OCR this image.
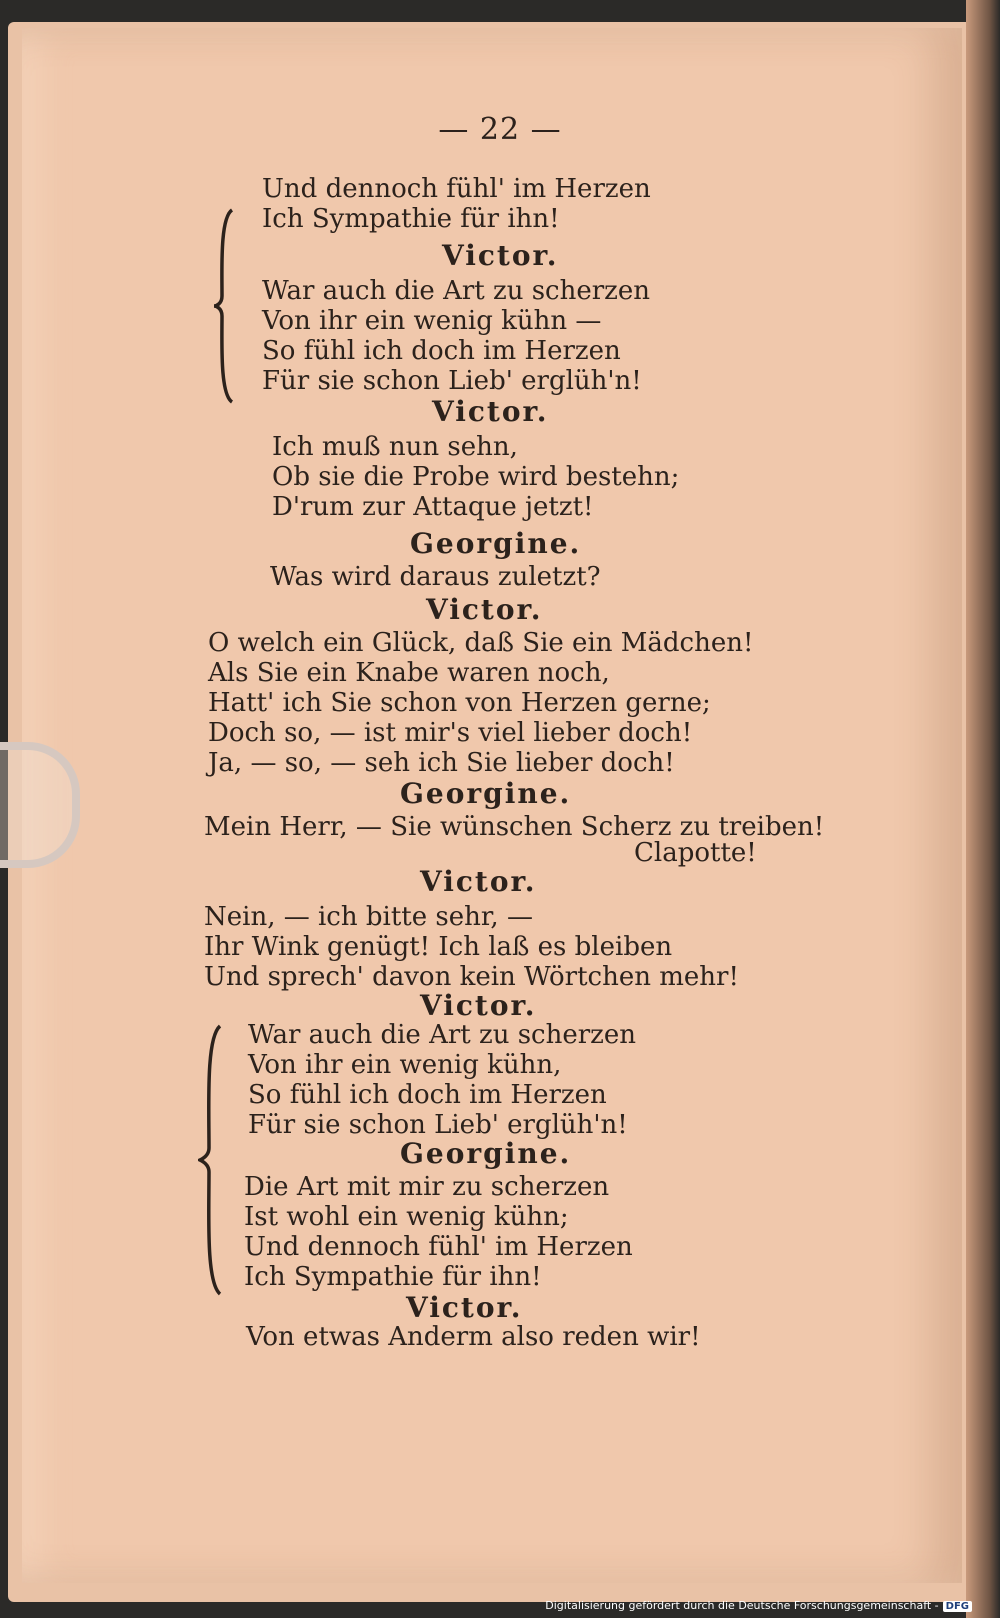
— 22 —
Und dennoch fühl' im Herzen
Ich Sympathie für ihn!
Victor.
War auch die Art zu scherzen
Von ihr ein wenig kühn —
So fühl ich doch im Herzen
Für sie schon Lieb' erglüh'n!
Victor.
Ich muß nun sehn,
Ob sie die Probe wird bestehn;
D'rum zur Attaque jetzt!
Georgine.
Was wird daraus zuletzt?
Victor.
O welch ein Glück, daß Sie ein Mädchen!
Als Sie ein Knabe waren noch,
Hatt' ich Sie schon von Herzen gerne;
Doch so, — ist mir's viel lieber doch!
Ja, — so, — seh ich Sie lieber doch!
Georgine.
Mein Herr, — Sie wünschen Scherz zu treiben!
Clapotte!
Victor.
Nein, — ich bitte sehr, —
Ihr Wink genügt! Ich laß es bleiben
Und sprech' davon kein Wörtchen mehr!
Victor.
War auch die Art zu scherzen
Von ihr ein wenig kühn,
So fühl ich doch im Herzen
Für sie schon Lieb' erglüh'n!
Georgine.
Die Art mit mir zu scherzen
Ist wohl ein wenig kühn;
Und dennoch fühl' im Herzen
Ich Sympathie für ihn!
Victor.
Von etwas Anderm also reden wir!
Digitalisierung gefördert durch die Deutsche Forschungsgemeinschaft - DFG
